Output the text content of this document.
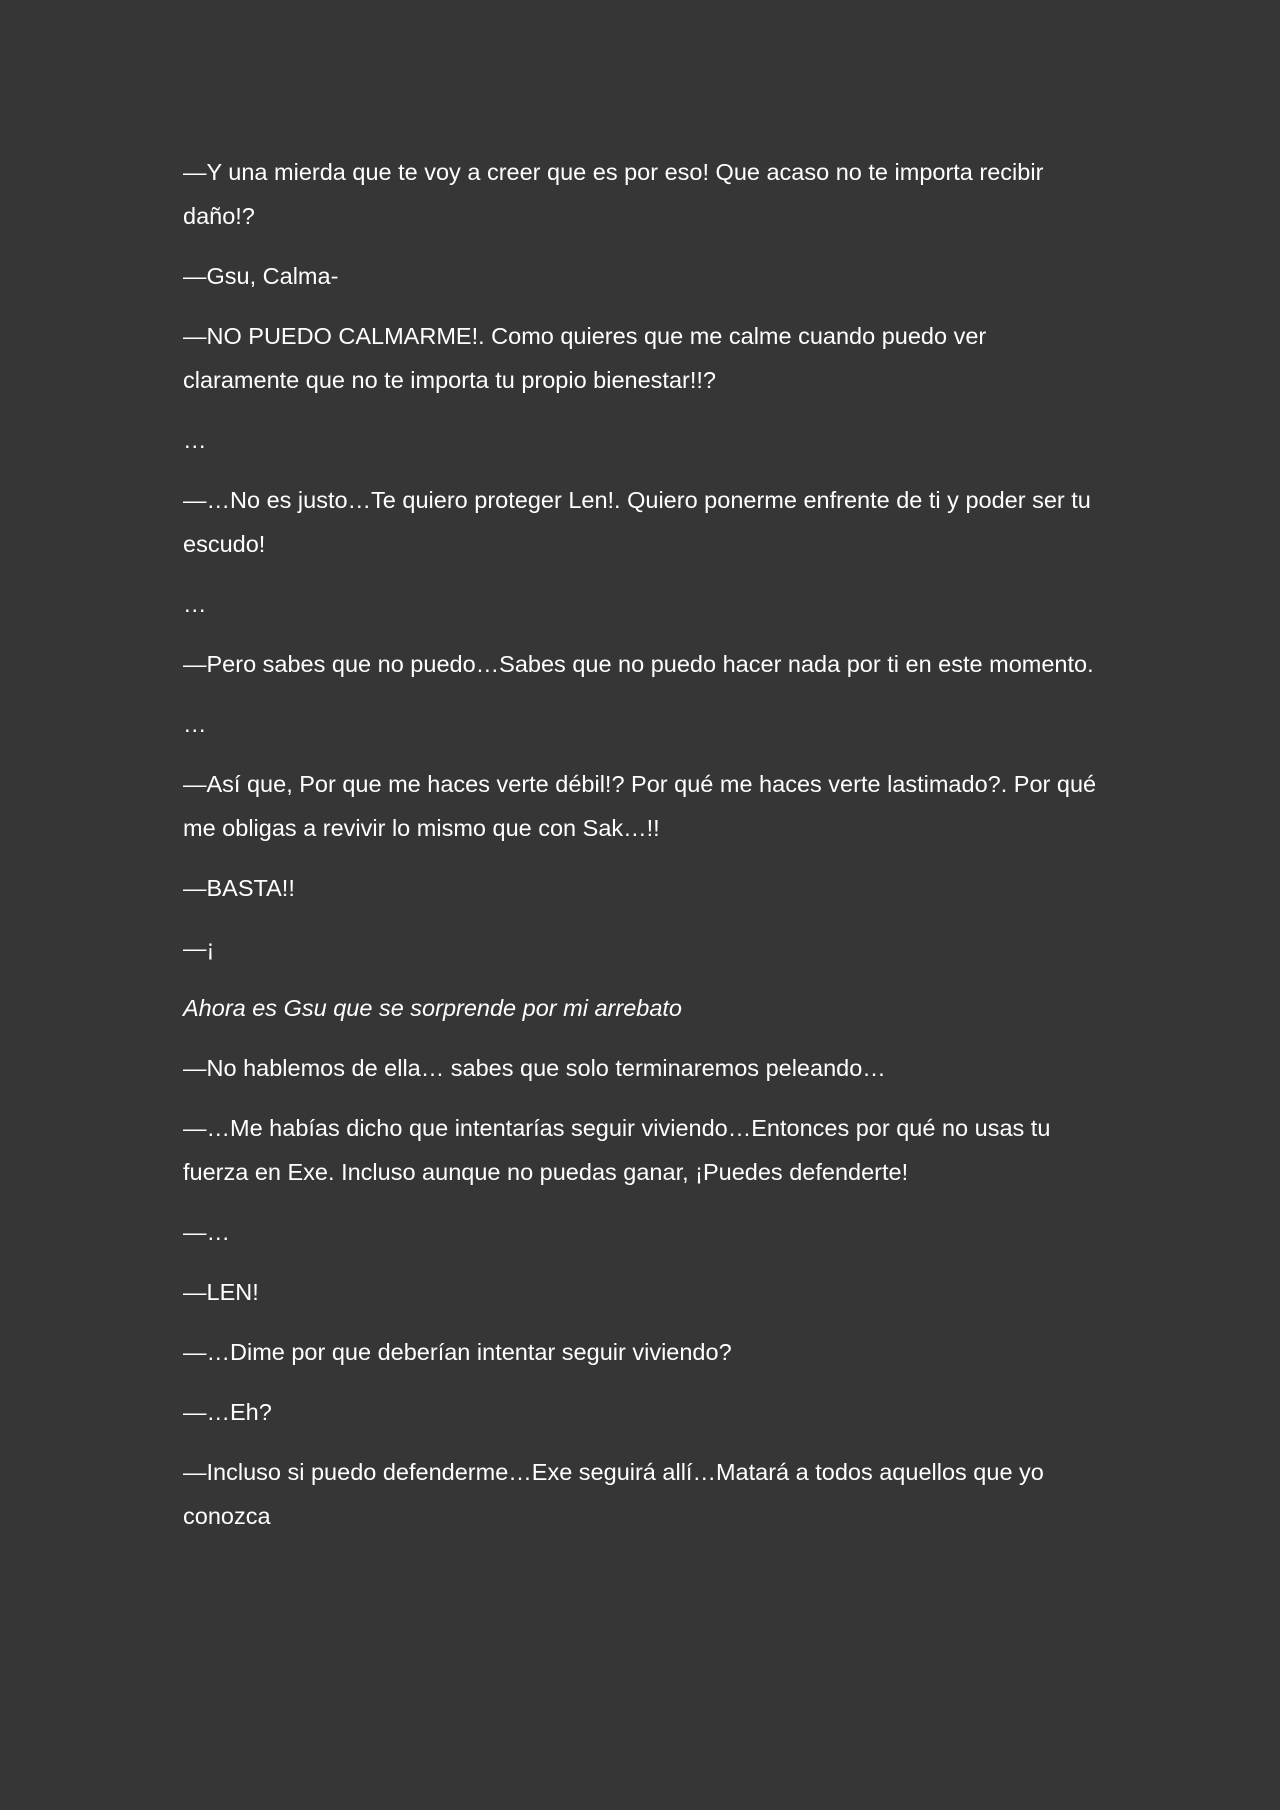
—Y una mierda que te voy a creer que es por eso! Que acaso no te importa recibir daño!?

—Gsu, Calma-

—NO PUEDO CALMARME!. Como quieres que me calme cuando puedo ver claramente que no te importa tu propio bienestar!!?

…

—…No es justo…Te quiero proteger Len!. Quiero ponerme enfrente de ti y poder ser tu escudo!

…

—Pero sabes que no puedo…Sabes que no puedo hacer nada por ti en este momento.

…

—Así que, Por que me haces verte débil!? Por qué me haces verte lastimado?. Por qué me obligas a revivir lo mismo que con Sak…!!

—BASTA!!

—¡

Ahora es Gsu que se sorprende por mi arrebato

—No hablemos de ella… sabes que solo terminaremos peleando…

—…Me habías dicho que intentarías seguir viviendo…Entonces por qué no usas tu fuerza en Exe. Incluso aunque no puedas ganar, ¡Puedes defenderte!

—…

—LEN!

—…Dime por que deberían intentar seguir viviendo?

—…Eh?

—Incluso si puedo defenderme…Exe seguirá allí…Matará a todos aquellos que yo conozca
